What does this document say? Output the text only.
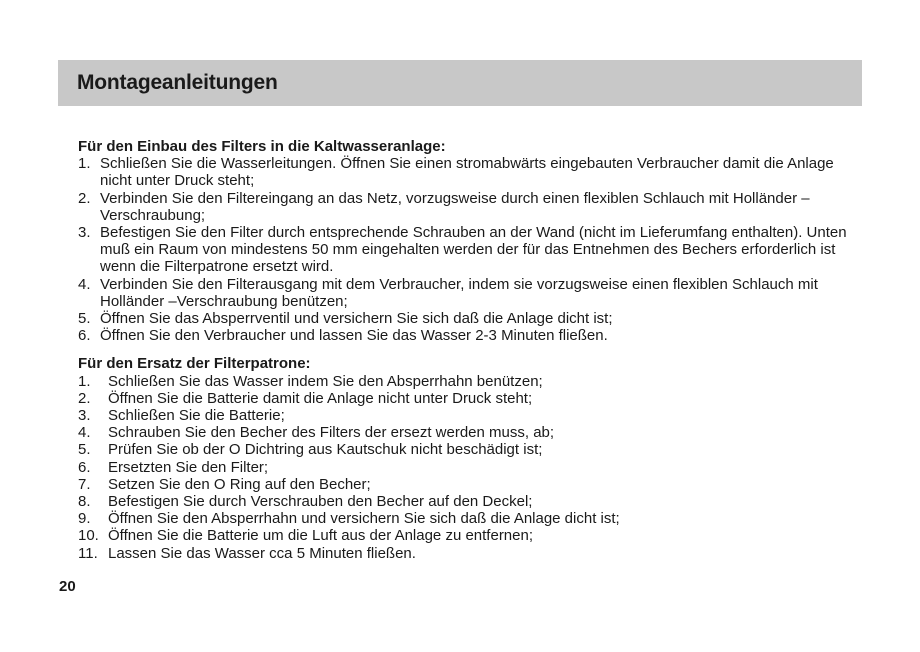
Montageanleitungen

Für den Einbau des Filters in die Kaltwasseranlage:

1. Schließen Sie die Wasserleitungen. Öffnen Sie einen stromabwärts eingebauten Verbraucher damit die Anlage nicht unter Druck steht;
2. Verbinden Sie den Filtereingang an das Netz, vorzugsweise durch einen flexiblen Schlauch mit Holländer –Verschraubung;
3. Befestigen Sie den Filter durch entsprechende Schrauben an der Wand (nicht im Lieferumfang enthalten). Unten muß ein Raum von mindestens 50 mm eingehalten werden der für das Entnehmen des Bechers erforderlich ist wenn die Filterpatrone ersetzt wird.
4. Verbinden Sie den Filterausgang mit dem Verbraucher, indem sie vorzugsweise einen flexiblen Schlauch mit Holländer –Verschraubung benützen;
5. Öffnen Sie das Absperrventil und versichern Sie sich daß die Anlage dicht ist;
6. Öffnen Sie den Verbraucher und lassen Sie das Wasser 2-3 Minuten fließen.

Für den Ersatz der Filterpatrone:

1. Schließen Sie das Wasser indem Sie den Absperrhahn benützen;
2. Öffnen Sie die Batterie damit die Anlage nicht unter Druck steht;
3. Schließen Sie die Batterie;
4. Schrauben Sie den Becher des Filters der ersezt werden muss, ab;
5. Prüfen Sie ob der O Dichtring aus Kautschuk nicht beschädigt ist;
6. Ersetzten Sie den Filter;
7. Setzen Sie den O Ring auf den Becher;
8. Befestigen Sie durch Verschrauben den Becher auf den Deckel;
9. Öffnen Sie den Absperrhahn und versichern Sie sich daß die Anlage dicht ist;
10. Öffnen Sie die Batterie um die Luft aus der Anlage zu entfernen;
11. Lassen Sie das Wasser cca 5 Minuten fließen.
20
